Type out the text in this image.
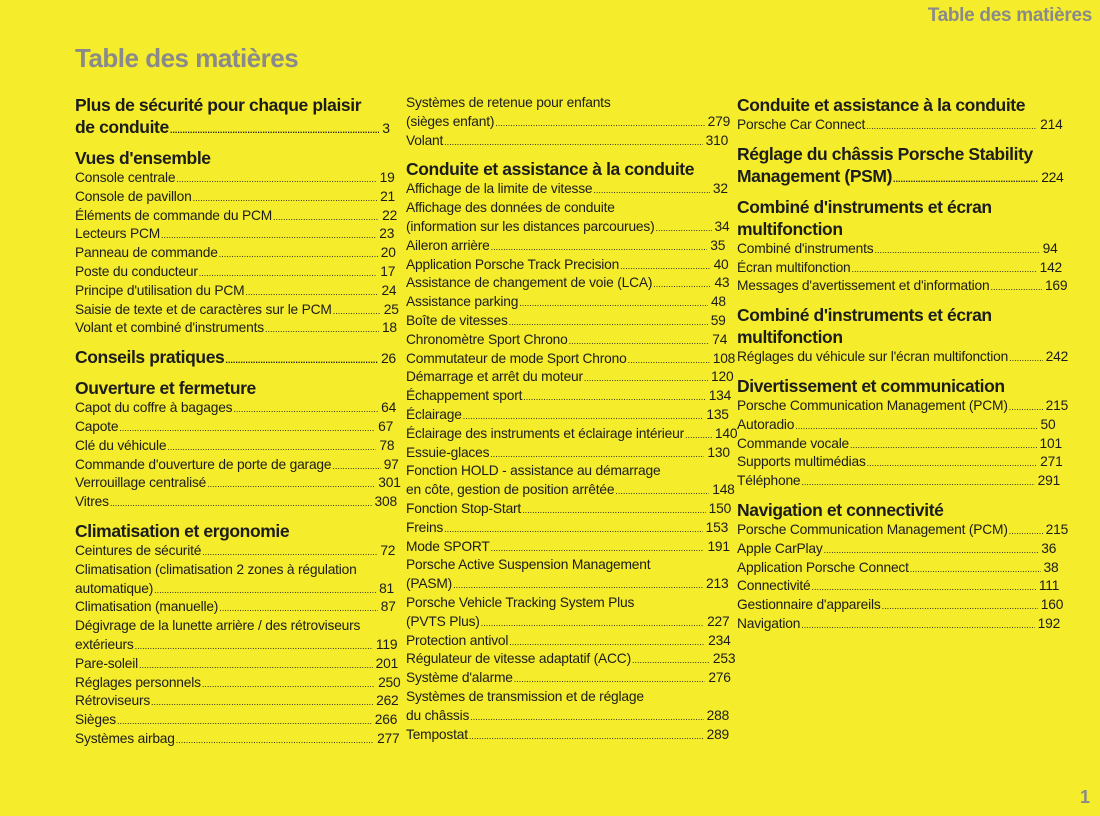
Table des matières
Table des matières
Plus de sécurité pour chaque plaisir
de conduite .....	3
Vues d'ensemble
Console centrale .....	19
Console de pavillon .....	21
Éléments de commande du PCM .....	22
Lecteurs PCM .....	23
Panneau de commande .....	20
Poste du conducteur .....	17
Principe d'utilisation du PCM .....	24
Saisie de texte et de caractères sur le PCM .....	25
Volant et combiné d'instruments .....	18
Conseils pratiques .....	26
Ouverture et fermeture
Capot du coffre à bagages .....	64
Capote .....	67
Clé du véhicule .....	78
Commande d'ouverture de porte de garage .....	97
Verrouillage centralisé .....	301
Vitres .....	308
Climatisation et ergonomie
Ceintures de sécurité .....	72
Climatisation (climatisation 2 zones à régulation
automatique) .....	81
Climatisation (manuelle) .....	87
Dégivrage de la lunette arrière / des rétroviseurs
extérieurs .....	119
Pare-soleil .....	201
Réglages personnels .....	250
Rétroviseurs .....	262
Sièges .....	266
Systèmes airbag .....	277
Systèmes de retenue pour enfants
(sièges enfant) .....	279
Volant .....	310
Conduite et assistance à la conduite
Affichage de la limite de vitesse .....	32
Affichage des données de conduite
(information sur les distances parcourues) .....	34
Aileron arrière .....	35
Application Porsche Track Precision .....	40
Assistance de changement de voie (LCA) .....	43
Assistance parking .....	48
Boîte de vitesses .....	59
Chronomètre Sport Chrono .....	74
Commutateur de mode Sport Chrono .....	108
Démarrage et arrêt du moteur .....	120
Échappement sport .....	134
Éclairage .....	135
Éclairage des instruments et éclairage intérieur ..... 140
Essuie-glaces .....	130
Fonction HOLD - assistance au démarrage
en côte, gestion de position arrêtée .....	148
Fonction Stop-Start .....	150
Freins .....	153
Mode SPORT .....	191
Porsche Active Suspension Management
(PASM) .....	213
Porsche Vehicle Tracking System Plus
(PVTS Plus) .....	227
Protection antivol .....	234
Régulateur de vitesse adaptatif (ACC) .....	253
Système d'alarme .....	276
Systèmes de transmission et de réglage
du châssis .....	288
Tempostat .....	289
Conduite et assistance à la conduite
Porsche Car Connect .....	214
Réglage du châssis Porsche Stability
Management (PSM) .....	224
Combiné d'instruments et écran
multifonction
Combiné d'instruments .....	94
Écran multifonction .....	142
Messages d'avertissement et d'information .....	169
Combiné d'instruments et écran
multifonction
Réglages du véhicule sur l'écran multifonction .....	242
Divertissement et communication
Porsche Communication Management (PCM) .....	215
Autoradio .....	50
Commande vocale .....	101
Supports multimédias .....	271
Téléphone .....	291
Navigation et connectivité
Porsche Communication Management (PCM) .....	215
Apple CarPlay .....	36
Application Porsche Connect .....	38
Connectivité .....	111
Gestionnaire d'appareils .....	160
Navigation .....	192
1
